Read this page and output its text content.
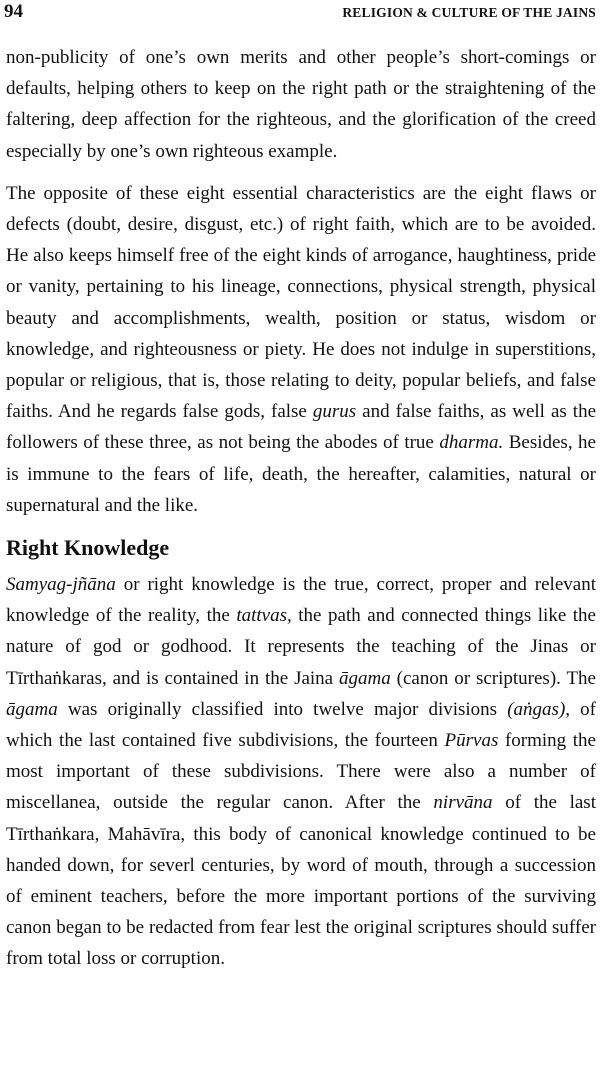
94	RELIGION & CULTURE OF THE JAINS

non-publicity of one’s own merits and other people’s short-comings or defaults, helping others to keep on the right path or the straightening of the faltering, deep affection for the righteous, and the glorification of the creed especially by one’s own righteous example.

The opposite of these eight essential characteristics are the eight flaws or defects (doubt, desire, disgust, etc.) of right faith, which are to be avoided. He also keeps himself free of the eight kinds of arrogance, haughtiness, pride or vanity, pertaining to his lineage, connections, physical strength, physical beauty and accomplishments, wealth, position or status, wisdom or knowledge, and righteousness or piety. He does not indulge in superstitions, popular or religious, that is, those relating to deity, popular beliefs, and false faiths. And he regards false gods, false gurus and false faiths, as well as the followers of these three, as not being the abodes of true dharma. Besides, he is immune to the fears of life, death, the hereafter, calamities, natural or supernatural and the like.

Right Knowledge

Samyag-jñāna or right knowledge is the true, correct, proper and relevant knowledge of the reality, the tattvas, the path and connected things like the nature of god or godhood. It represents the teaching of the Jinas or Tīrthaṅkaras, and is contained in the Jaina āgama (canon or scriptures). The āgama was originally classified into twelve major divisions (aṅgas), of which the last contained five subdivisions, the fourteen Pūrvas forming the most important of these subdivisions. There were also a number of miscellanea, outside the regular canon. After the nirvāna of the last Tīrthaṅkara, Mahāvīra, this body of canonical knowledge continued to be handed down, for severl centuries, by word of mouth, through a succession of eminent teachers, before the more important portions of the surviving canon began to be redacted from fear lest the original scriptures should suffer from total loss or corruption.
